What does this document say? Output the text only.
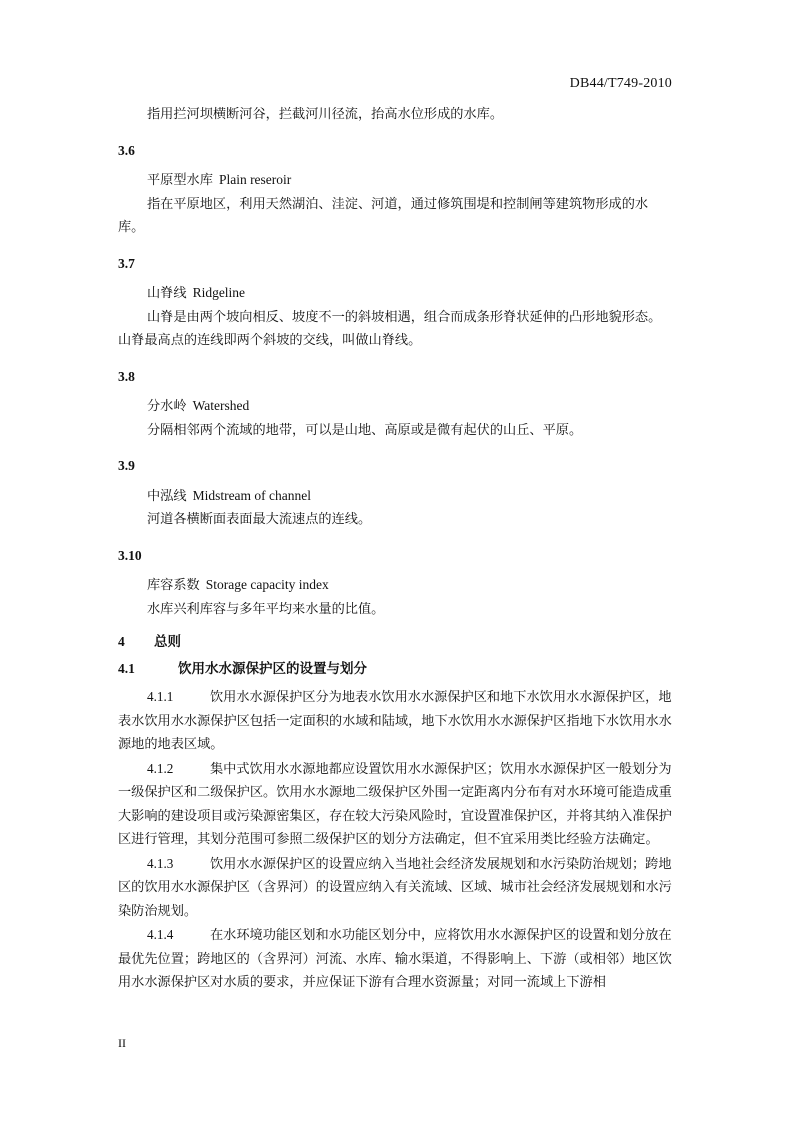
DB44/T749-2010

指用拦河坝横断河谷，拦截河川径流，抬高水位形成的水库。

3.6

平原型水库 Plain reseroir

指在平原地区，利用天然湖泊、洼淀、河道，通过修筑围堤和控制闸等建筑物形成的水库。

3.7

山脊线 Ridgeline

山脊是由两个坡向相反、坡度不一的斜坡相遇，组合而成条形脊状延伸的凸形地貌形态。山脊最高点的连线即两个斜坡的交线，叫做山脊线。

3.8

分水岭 Watershed

分隔相邻两个流域的地带，可以是山地、高原或是微有起伏的山丘、平原。

3.9

中泓线 Midstream of channel

河道各横断面表面最大流速点的连线。

3.10

库容系数 Storage capacity index

水库兴利库容与多年平均来水量的比值。

4 总则
4.1	饮用水水源保护区的设置与划分

4.1.1	饮用水水源保护区分为地表水饮用水水源保护区和地下水饮用水水源保护区，地表水饮用水水源保护区包括一定面积的水域和陆域，地下水饮用水水源保护区指地下水饮用水水源地的地表区域。

4.1.2	集中式饮用水水源地都应设置饮用水水源保护区；饮用水水源保护区一般划分为一级保护区和二级保护区。饮用水水源地二级保护区外围一定距离内分布有对水环境可能造成重大影响的建设项目或污染源密集区，存在较大污染风险时，宜设置准保护区，并将其纳入准保护区进行管理，其划分范围可参照二级保护区的划分方法确定，但不宜采用类比经验方法确定。

4.1.3	饮用水水源保护区的设置应纳入当地社会经济发展规划和水污染防治规划；跨地区的饮用水水源保护区（含界河）的设置应纳入有关流域、区域、城市社会经济发展规划和水污染防治规划。

4.1.4	在水环境功能区划和水功能区划分中，应将饮用水水源保护区的设置和划分放在最优先位置；跨地区的（含界河）河流、水库、输水渠道，不得影响上、下游（或相邻）地区饮用水水源保护区对水质的要求，并应保证下游有合理水资源量；对同一流域上下游相

II
